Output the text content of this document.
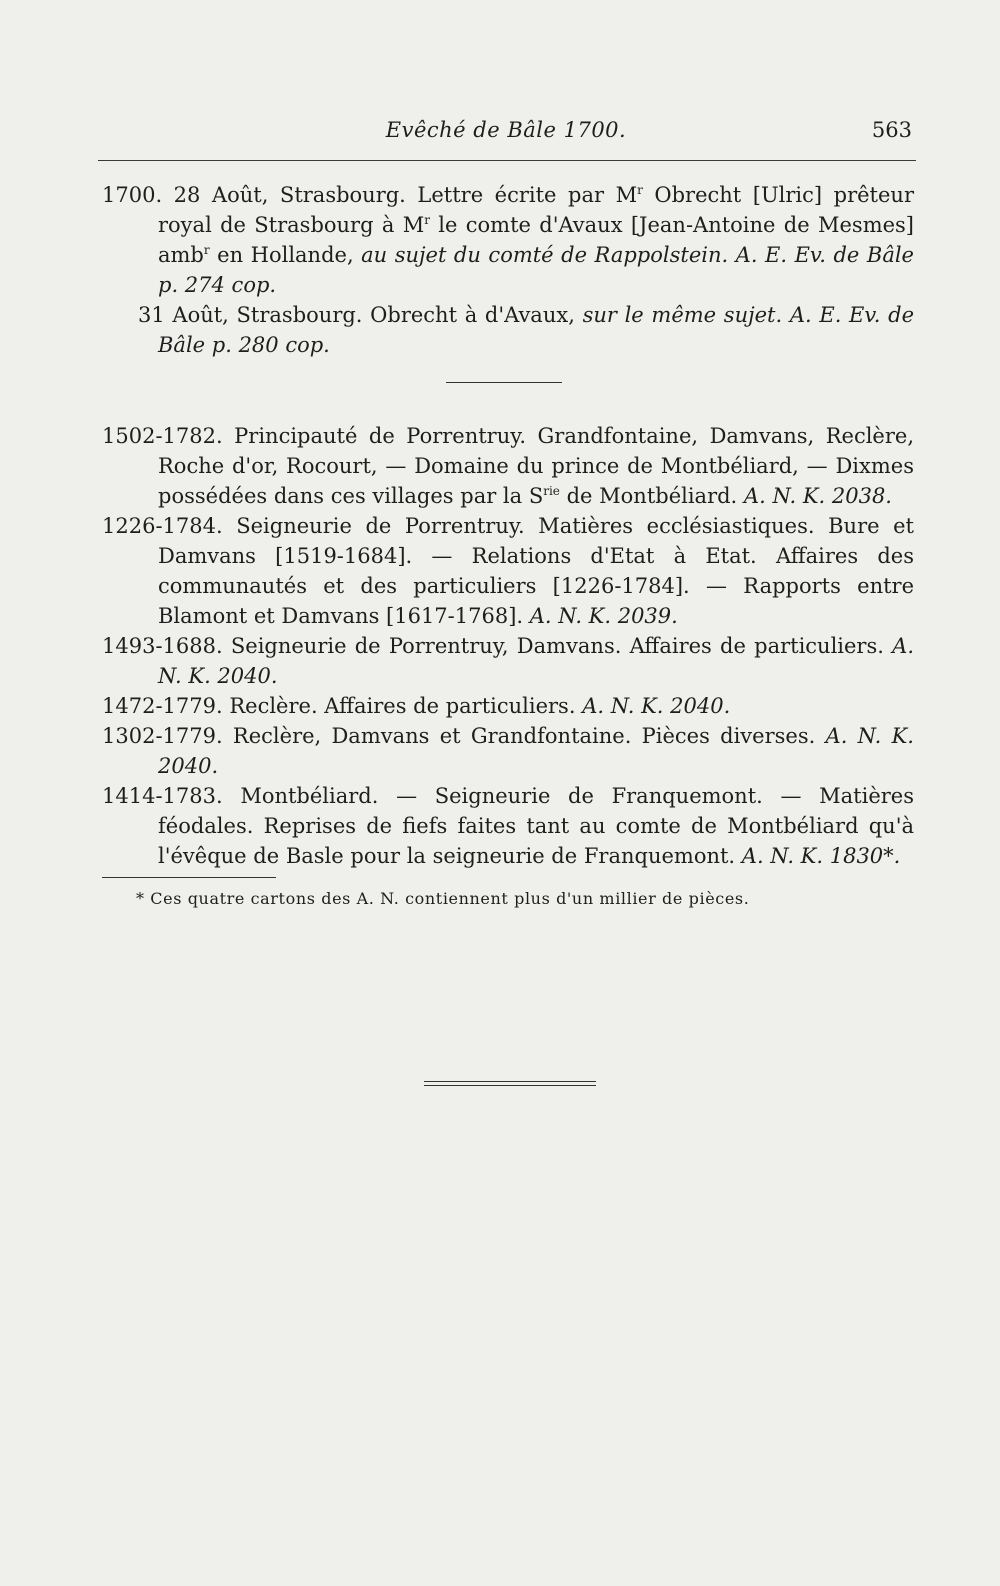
Evêché de Bâle 1700.	563

1700. 28 Août, Strasbourg. Lettre écrite par $M^r$ Obrecht [Ulric] prêteur royal de Strasbourg à $M^r$ le comte d'Avaux [Jean-Antoine de Mesmes] amb$^r$ en Hollande, au sujet du comté de Rappolstein. A. E. Ev. de Bâle p. 274 cop.

31 Août, Strasbourg. Obrecht à d'Avaux, sur le même sujet. A. E. Ev. de Bâle p. 280 cop.

1502-1782. Principauté de Porrentruy. Grandfontaine, Damvans, Reclère, Roche d'or, Rocourt, — Domaine du prince de Montbéliard, — Dixmes possédées dans ces villages par la $S^{rie}$ de Montbéliard. A. N. K. 2038.

1226-1784. Seigneurie de Porrentruy. Matières ecclésiastiques. Bure et Damvans [1519-1684]. — Relations d'Etat à Etat. Affaires des communautés et des particuliers [1226-1784]. — Rapports entre Blamont et Damvans [1617-1768]. A. N. K. 2039.

1493-1688. Seigneurie de Porrentruy, Damvans. Affaires de particuliers. A. N. K. 2040.

1472-1779. Reclère. Affaires de particuliers. A. N. K. 2040.

1302-1779. Reclère, Damvans et Grandfontaine. Pièces diverses. A. N. K. 2040.

1414-1783. Montbéliard. — Seigneurie de Franquemont. — Matières féodales. Reprises de fiefs faites tant au comte de Montbéliard qu'à l'évêque de Basle pour la seigneurie de Franquemont. A. N. K. 1830*.

* Ces quatre cartons des A. N. contiennent plus d'un millier de pièces.
